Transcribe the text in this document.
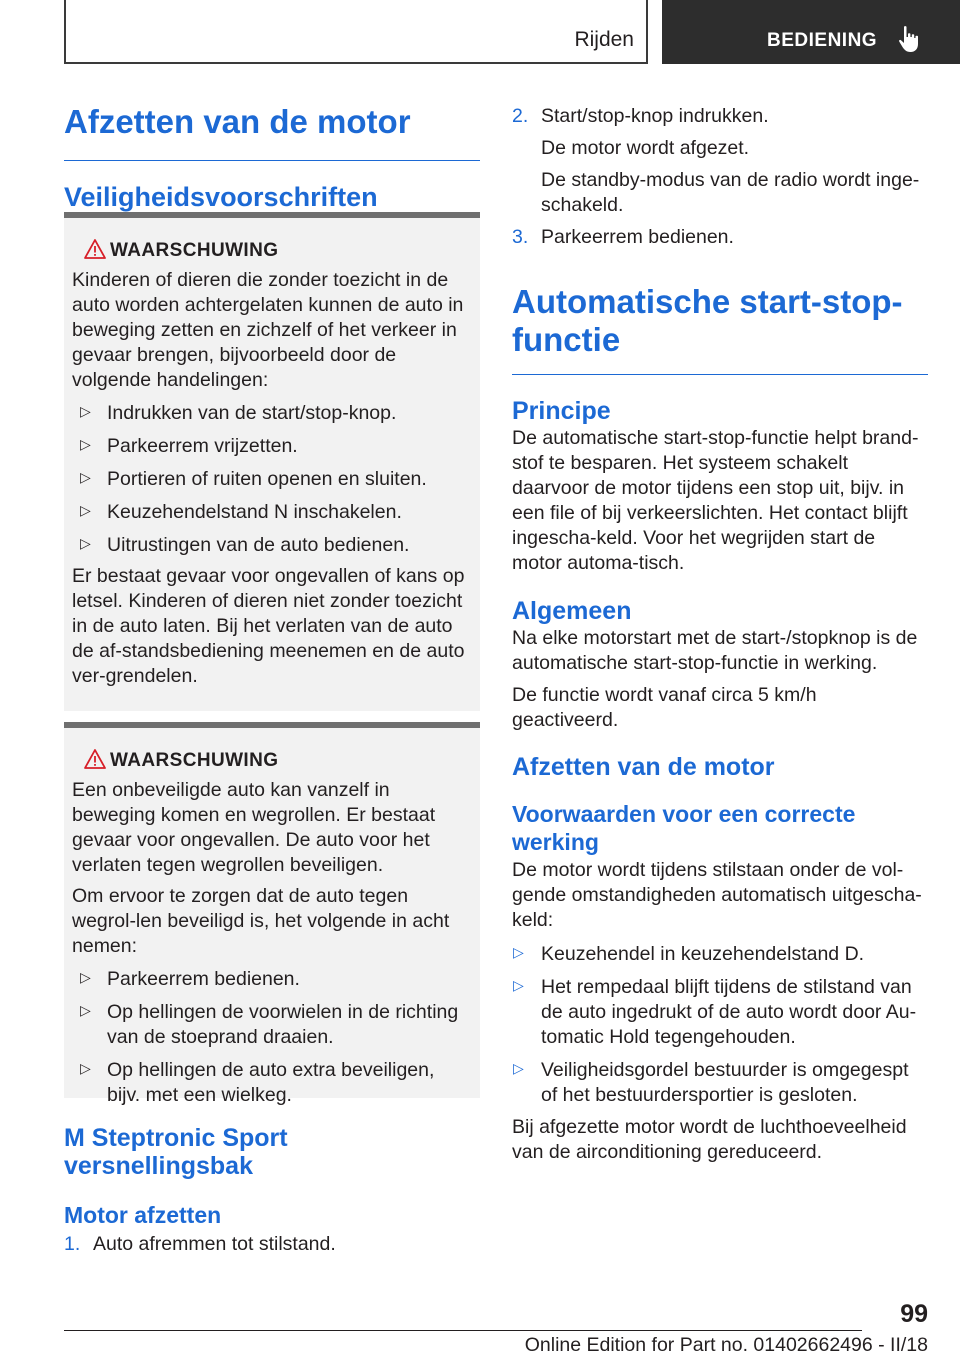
Rijden	BEDIENING
Afzetten van de motor
Veiligheidsvoorschriften
WAARSCHUWING

Kinderen of dieren die zonder toezicht in de auto worden achtergelaten kunnen de auto in beweging zetten en zichzelf of het verkeer in gevaar brengen, bijvoorbeeld door de volgende handelingen:

▷ Indrukken van de start/stop-knop.
▷ Parkeerrem vrijzetten.
▷ Portieren of ruiten openen en sluiten.
▷ Keuzehendelstand N inschakelen.
▷ Uitrustingen van de auto bedienen.

Er bestaat gevaar voor ongevallen of kans op letsel. Kinderen of dieren niet zonder toezicht in de auto laten. Bij het verlaten van de auto de af-standsbediening meenemen en de auto ver-grendelen.

WAARSCHUWING

Een onbeveiligde auto kan vanzelf in beweging komen en wegrollen. Er bestaat gevaar voor ongevallen. De auto voor het verlaten tegen wegrollen beveiligen.

Om ervoor te zorgen dat de auto tegen wegrol-len beveiligd is, het volgende in acht nemen:

▷ Parkeerrem bedienen.
▷ Op hellingen de voorwielen in de richting van de stoeprand draaien.
▷ Op hellingen de auto extra beveiligen, bijv. met een wielkeg.
M Steptronic Sport versnellingsbak
Motor afzetten
1. Auto afremmen tot stilstand.
2. Start/stop-knop indrukken.

De motor wordt afgezet.

De standby-modus van de radio wordt inge-schakeld.

3. Parkeerrem bedienen.
Automatische start-stop-functie
Principe

De automatische start-stop-functie helpt brand-stof te besparen. Het systeem schakelt daarvoor de motor tijdens een stop uit, bijv. in een file of bij verkeerslichten. Het contact blijft ingescha-keld. Voor het wegrijden start de motor automa-tisch.

Algemeen

Na elke motorstart met de start-/stopknop is de automatische start-stop-functie in werking.

De functie wordt vanaf circa 5 km/h geactiveerd.

Afzetten van de motor
Voorwaarden voor een correcte werking

De motor wordt tijdens stilstaan onder de vol-gende omstandigheden automatisch uitgescha-keld:

▷ Keuzehendel in keuzehendelstand D.
▷ Het rempedaal blijft tijdens de stilstand van de auto ingedrukt of de auto wordt door Au-tomatic Hold tegengehouden.
▷ Veiligheidsgordel bestuurder is omgegespt of het bestuurdersportier is gesloten.

Bij afgezette motor wordt de luchthoeveelheid van de airconditioning gereduceerd.

99
Online Edition for Part no. 01402662496 - II/18
